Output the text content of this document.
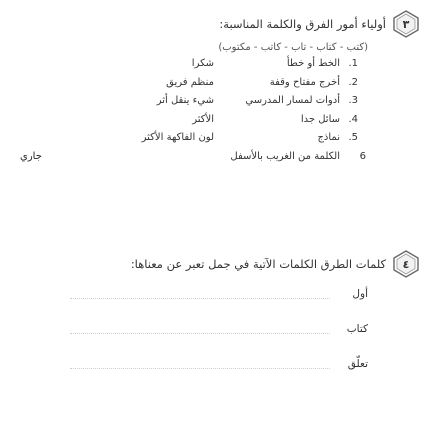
٣
أولياء أمور الفرق والكلمة المناسبة:
(كتب - كتاب - تاب - كاتب - مكتوب)
1.
الخط أو خطأ
شكرا
2.
أخرج مفتاح وقفة
منظم فريق
3.
أدوات لمسار المدرسي
شيء ينقل أثر
4.
سائل جدا
الأكثر
5.
نماذج
لون الفاكهة الأكثر
6
الكلمة من الغريب بالأسفل
جاري
٤
كلمات الطرق الكلمات الآتية في جمل تعبر عن معناها:
أول
كتاب
تعلّق
